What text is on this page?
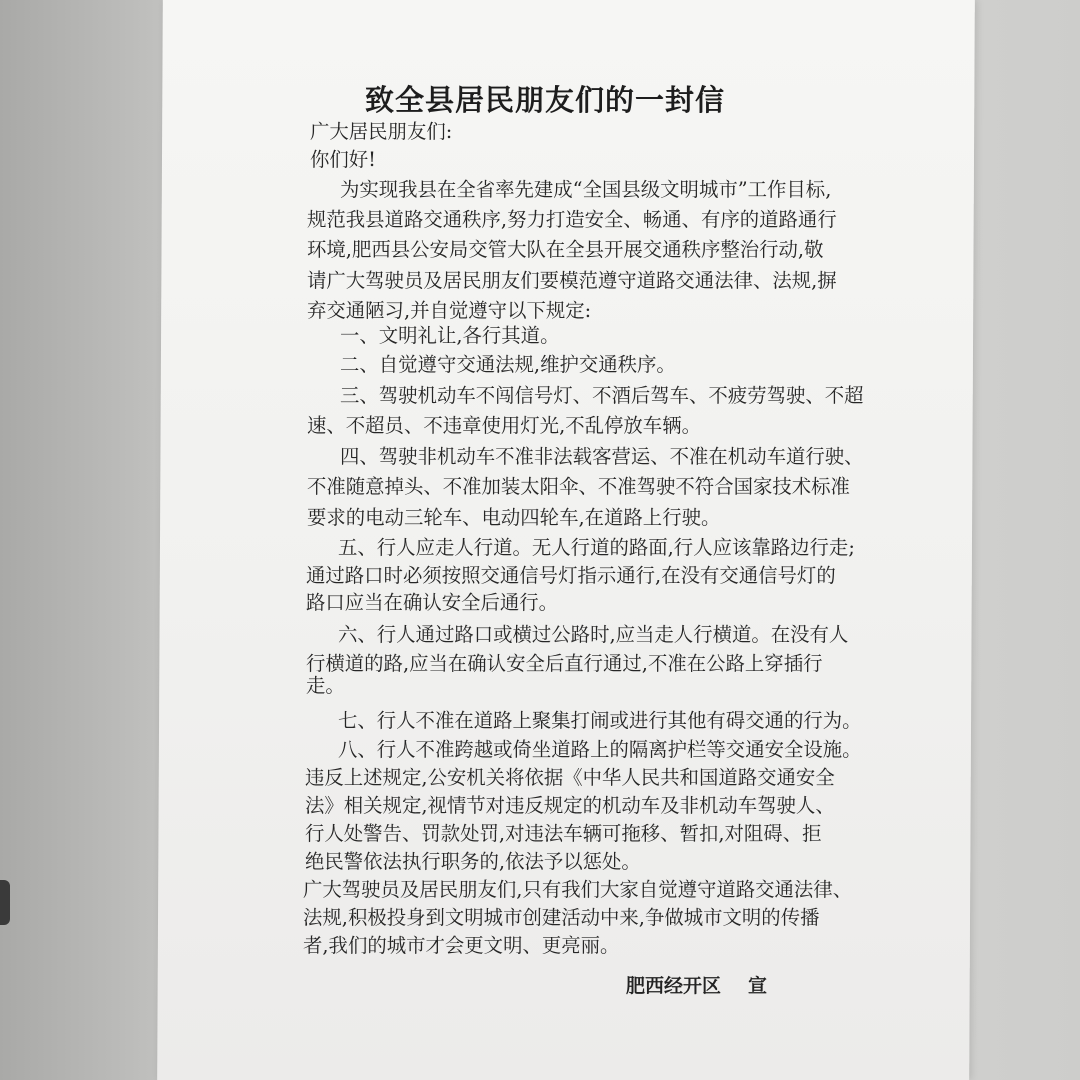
致全县居民朋友们的一封信
广大居民朋友们:
你们好!
为实现我县在全省率先建成“全国县级文明城市”工作目标,
规范我县道路交通秩序,努力打造安全、畅通、有序的道路通行
环境,肥西县公安局交管大队在全县开展交通秩序整治行动,敬
请广大驾驶员及居民朋友们要模范遵守道路交通法律、法规,摒
弃交通陋习,并自觉遵守以下规定:
一、文明礼让,各行其道。
二、自觉遵守交通法规,维护交通秩序。
三、驾驶机动车不闯信号灯、不酒后驾车、不疲劳驾驶、不超
速、不超员、不违章使用灯光,不乱停放车辆。
四、驾驶非机动车不准非法载客营运、不准在机动车道行驶、
不准随意掉头、不准加装太阳伞、不准驾驶不符合国家技术标准
要求的电动三轮车、电动四轮车,在道路上行驶。
五、行人应走人行道。无人行道的路面,行人应该靠路边行走;
通过路口时必须按照交通信号灯指示通行,在没有交通信号灯的
路口应当在确认安全后通行。
六、行人通过路口或横过公路时,应当走人行横道。在没有人
行横道的路,应当在确认安全后直行通过,不准在公路上穿插行
走。
七、行人不准在道路上聚集打闹或进行其他有碍交通的行为。
八、行人不准跨越或倚坐道路上的隔离护栏等交通安全设施。
违反上述规定,公安机关将依据《中华人民共和国道路交通安全
法》相关规定,视情节对违反规定的机动车及非机动车驾驶人、
行人处警告、罚款处罚,对违法车辆可拖移、暂扣,对阻碍、拒
绝民警依法执行职务的,依法予以惩处。
广大驾驶员及居民朋友们,只有我们大家自觉遵守道路交通法律、
法规,积极投身到文明城市创建活动中来,争做城市文明的传播
者,我们的城市才会更文明、更亮丽。
肥西经开区 宣
